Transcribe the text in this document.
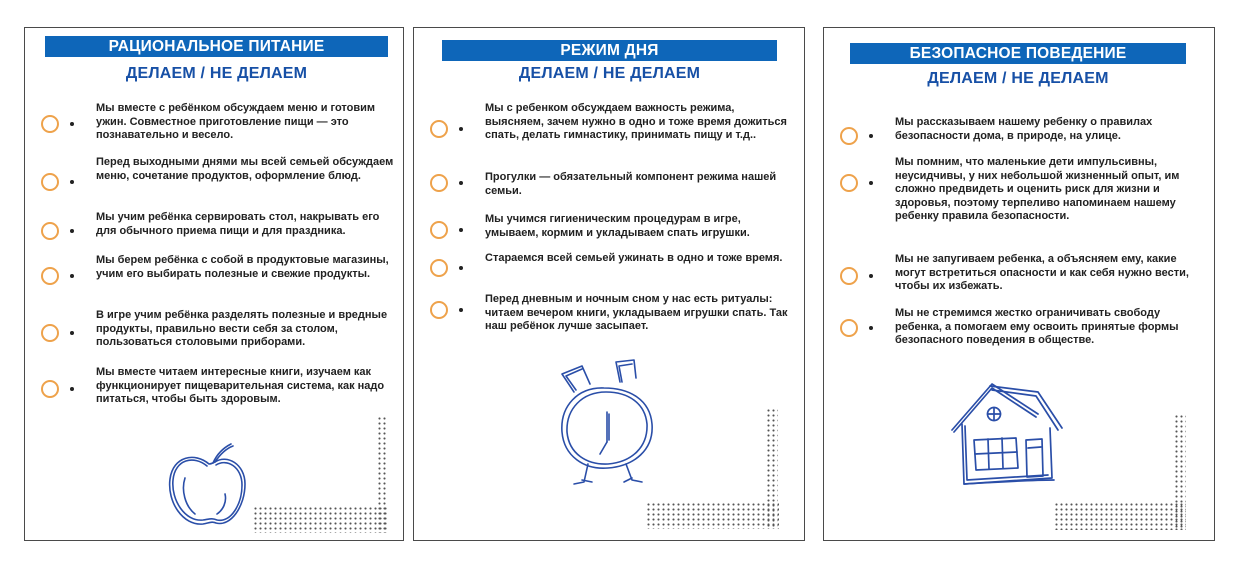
РАЦИОНАЛЬНОЕ ПИТАНИЕ
ДЕЛАЕМ / НЕ ДЕЛАЕМ
Мы вместе с ребёнком обсуждаем меню и готовим ужин. Совместное приготовление пищи — это познавательно и весело.
Перед выходными днями мы всей семьей обсуждаем меню, сочетание продуктов, оформление блюд.
Мы учим ребёнка сервировать стол, накрывать его для обычного приема пищи и для праздника.
Мы берем ребёнка с собой в продуктовые магазины, учим его выбирать полезные и свежие продукты.
В игре учим ребёнка разделять полезные и вредные продукты, правильно вести себя за столом, пользоваться столовыми приборами.
Мы вместе читаем интересные книги, изучаем как функционирует пищеварительная система, как надо питаться, чтобы быть здоровым.
РЕЖИМ ДНЯ
ДЕЛАЕМ / НЕ ДЕЛАЕМ
Мы с ребенком обсуждаем важность режима, выясняем, зачем нужно в одно и тоже время дожиться спать, делать гимнастику, принимать пищу и т.д..
Прогулки — обязательный компонент режима нашей семьи.
Мы учимся гигиеническим процедурам в игре, умываем, кормим и укладываем спать игрушки.
Стараемся всей семьей ужинать в одно и тоже время.
Перед дневным и ночным сном у нас есть ритуалы: читаем вечером книги, укладываем игрушки спать. Так наш ребёнок лучше засыпает.
БЕЗОПАСНОЕ ПОВЕДЕНИЕ
ДЕЛАЕМ / НЕ ДЕЛАЕМ
Мы рассказываем нашему ребенку о правилах безопасности дома, в природе, на улице.
Мы помним, что маленькие дети импульсивны, неусидчивы, у них небольшой жизненный опыт, им сложно предвидеть и оценить риск для жизни и здоровья, поэтому терпеливо напоминаем нашему ребенку правила безопасности.
Мы не запугиваем ребенка, а объясняем ему, какие могут встретиться опасности и как себя нужно вести, чтобы их избежать.
Мы не стремимся жестко ограничивать свободу ребенка, а помогаем ему освоить принятые формы безопасного поведения в обществе.
